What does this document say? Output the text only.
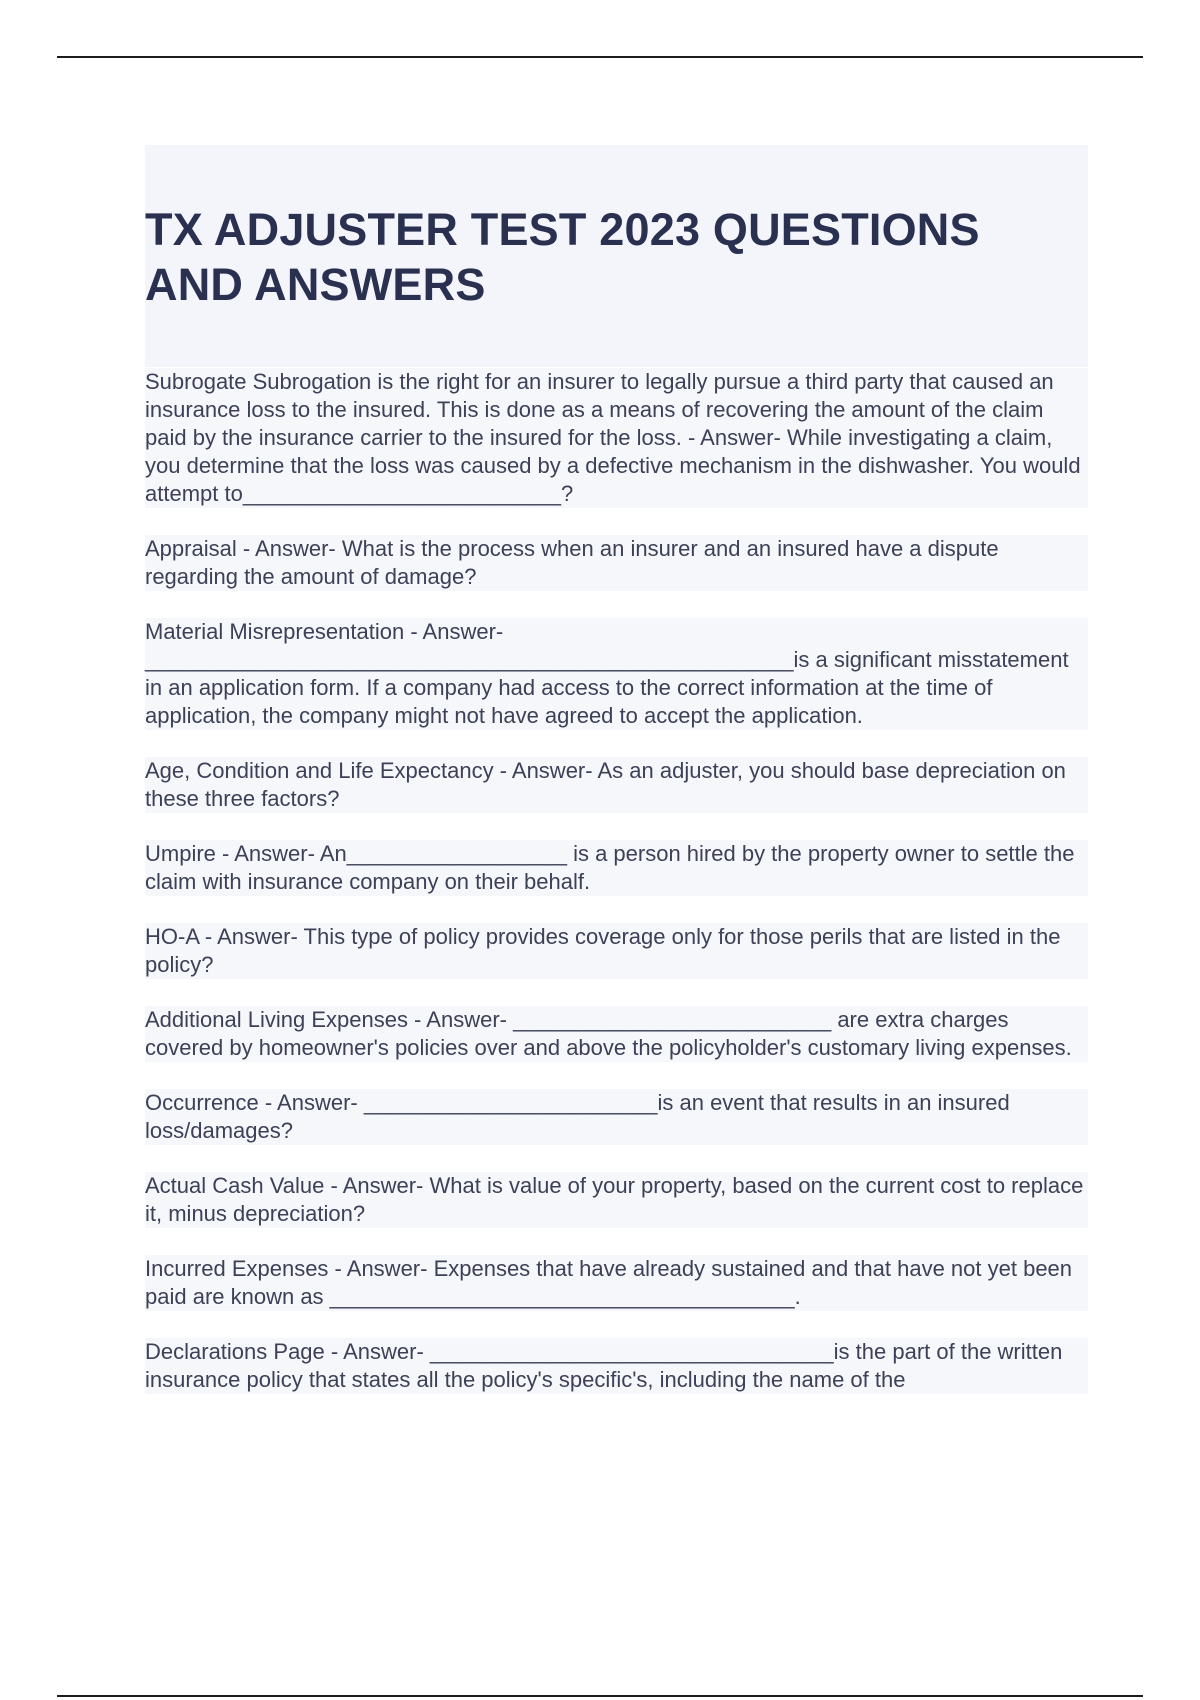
TX ADJUSTER TEST 2023 QUESTIONS AND ANSWERS

Subrogate Subrogation is the right for an insurer to legally pursue a third party that caused an insurance loss to the insured. This is done as a means of recovering the amount of the claim paid by the insurance carrier to the insured for the loss. - Answer- While investigating a claim, you determine that the loss was caused by a defective mechanism in the dishwasher. You would attempt to__________________________?

Appraisal - Answer- What is the process when an insurer and an insured have a dispute regarding the amount of damage?

Material Misrepresentation - Answer- _____________________________________________________is a significant misstatement in an application form. If a company had access to the correct information at the time of application, the company might not have agreed to accept the application.

Age, Condition and Life Expectancy - Answer- As an adjuster, you should base depreciation on these three factors?

Umpire - Answer- An__________________ is a person hired by the property owner to settle the claim with insurance company on their behalf.

HO-A - Answer- This type of policy provides coverage only for those perils that are listed in the policy?

Additional Living Expenses - Answer- __________________________ are extra charges covered by homeowner's policies over and above the policyholder's customary living expenses.

Occurrence - Answer- ________________________is an event that results in an insured loss/damages?

Actual Cash Value - Answer- What is value of your property, based on the current cost to replace it, minus depreciation?

Incurred Expenses - Answer- Expenses that have already sustained and that have not yet been paid are known as ______________________________________.

Declarations Page - Answer- _________________________________is the part of the written insurance policy that states all the policy's specific's, including the name of the
